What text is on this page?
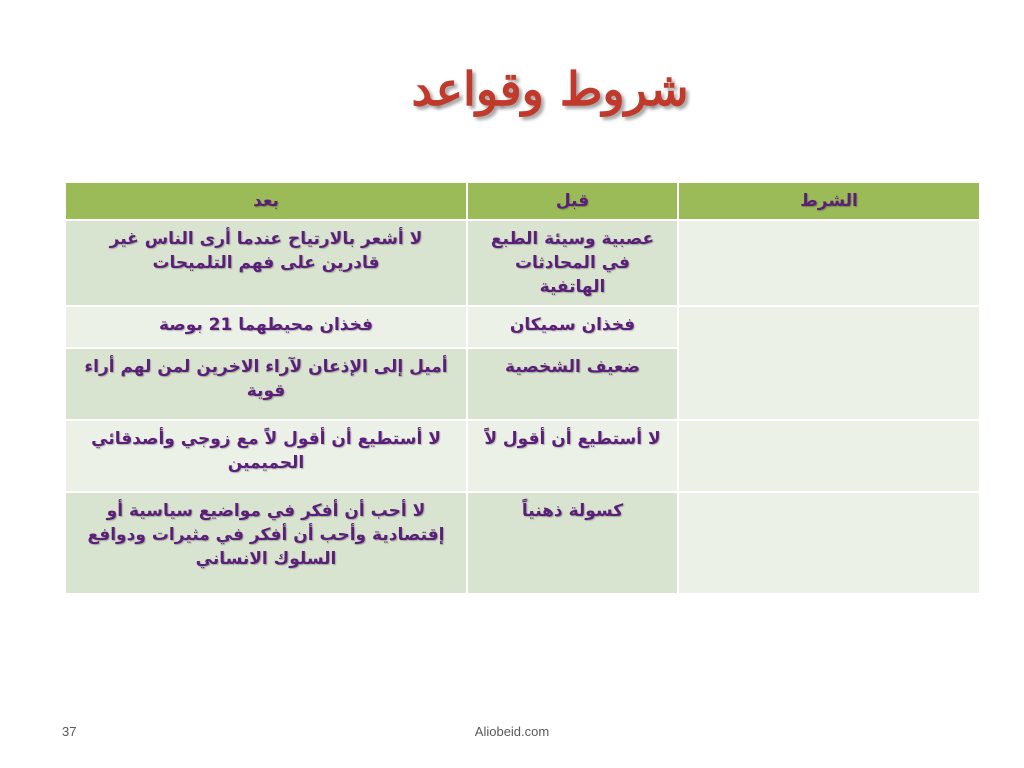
شروط وقواعد
الشرط	قبل	بعد
	عصبية وسيئة الطبع في المحادثات الهاتفية	لا أشعر بالارتياح عندما أرى الناس غير قادرين على فهم التلميحات
	فخذان سميكان	فخذان محيطهما 21 بوصة
	ضعيف الشخصية	أميل إلى الإذعان لآراء الاخرين لمن لهم أراء قوية
	لا أستطيع أن أقول لاً	لا أستطيع أن أقول لاً مع زوجي وأصدقائي الحميمين
	كسولة ذهنياً	لا أحب أن أفكر في مواضيع سياسية أو إقتصادية وأحب أن أفكر في مثيرات ودوافع السلوك الانساني
37	Aliobeid.com
